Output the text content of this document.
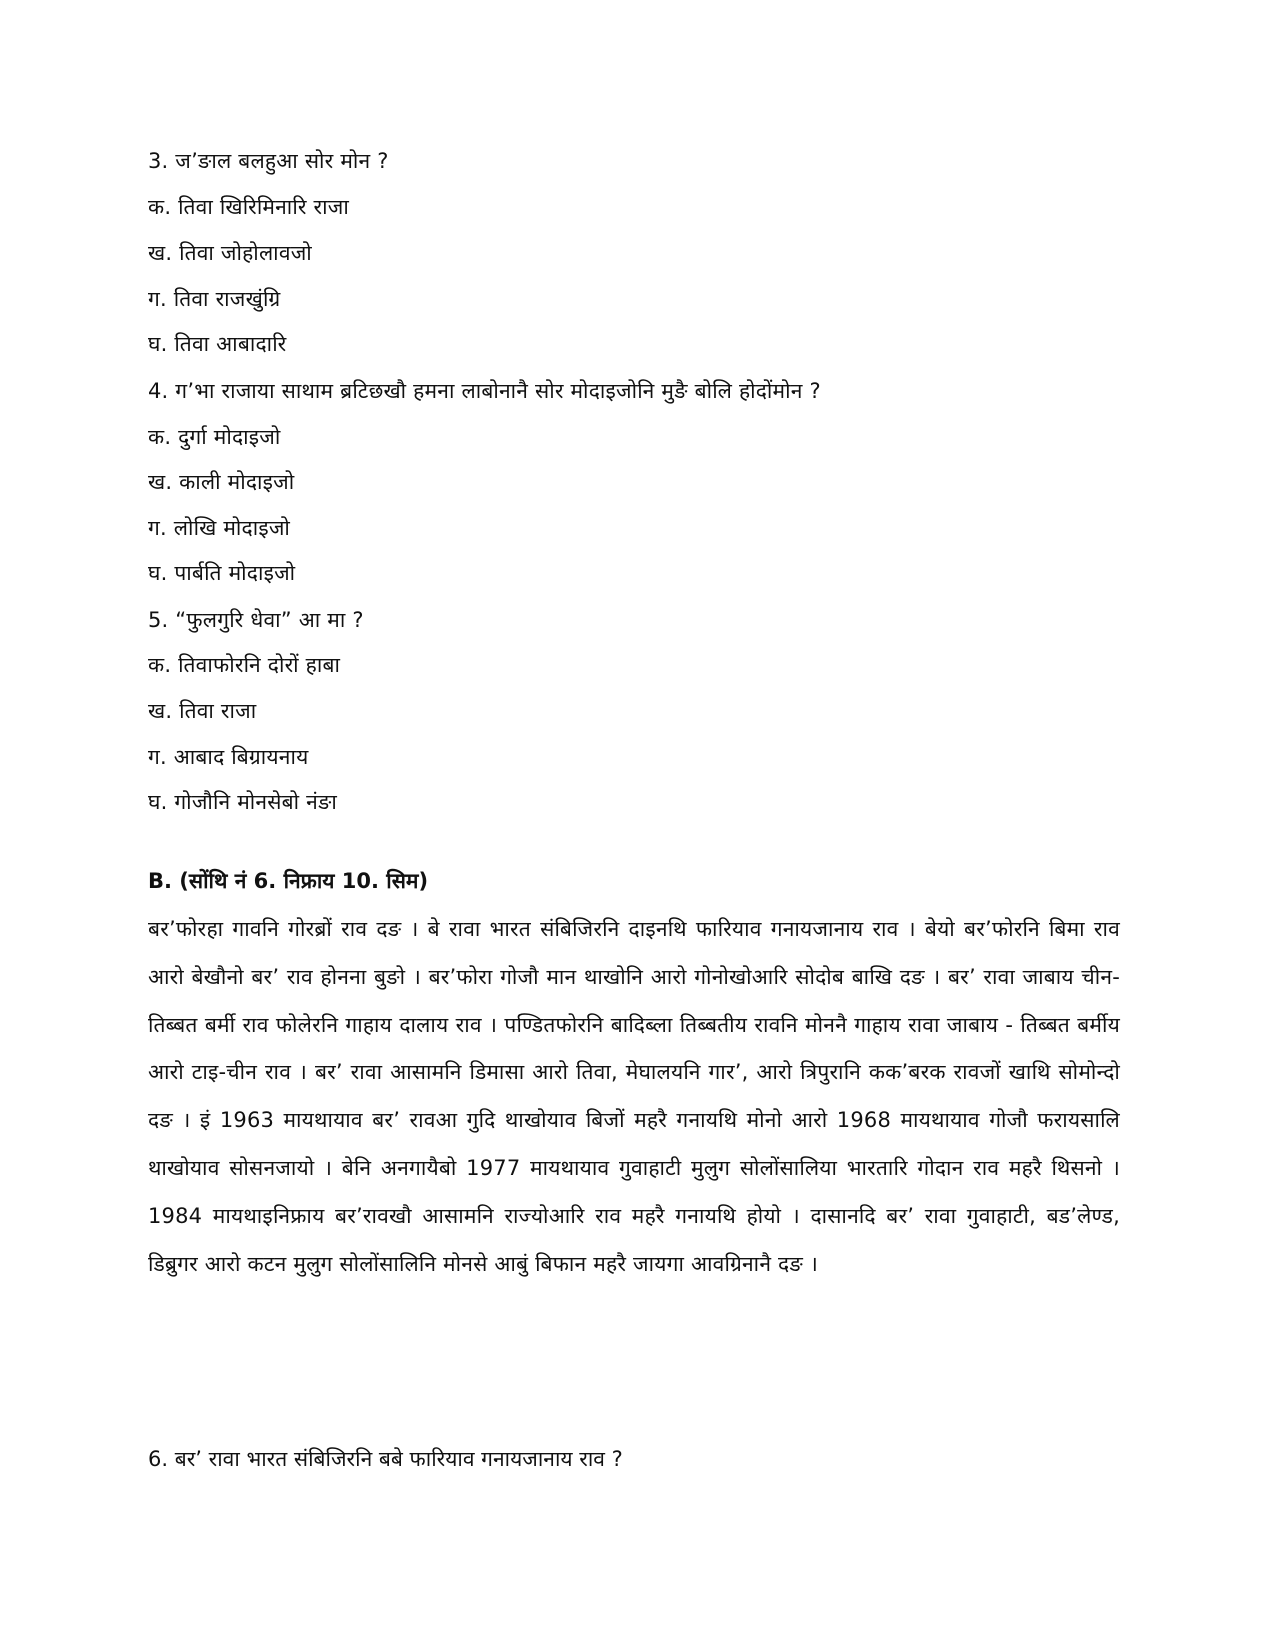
3. ज’ङाल बलहुआ सोर मोन ?
क. तिवा खिरिमिनारि राजा
ख. तिवा जोहोलावजो
ग. तिवा राजखुंग्रि
घ. तिवा आबादारि
4. ग’भा राजाया साथाम ब्रटिछखौ हमना लाबोनानै सोर मोदाइजोनि मुङै बोलि होदोंमोन ?
क. दुर्गा मोदाइजो
ख. काली मोदाइजो
ग. लोखि मोदाइजो
घ. पार्बति मोदाइजो
5. “फुलगुरि धेवा” आ मा ?
क. तिवाफोरनि दोरों हाबा
ख. तिवा राजा
ग. आबाद बिग्रायनाय
घ. गोजौनि मोनसेबो नंङा
B. (सोंथि नं 6. निफ्राय 10. सिम)
बर’फोरहा गावनि गोरब्रों राव दङ । बे रावा भारत संबिजिरनि दाइनथि फारियाव गनायजानाय राव । बेयो बर’फोरनि बिमा राव आरो बेखौनो बर’ राव होनना बुङो । बर’फोरा गोजौ मान थाखोनि आरो गोनोखोआरि सोदोब बाखि दङ । बर’ रावा जाबाय चीन-तिब्बत बर्मी राव फोलेरनि गाहाय दालाय राव । पण्डितफोरनि बादिब्ला तिब्बतीय रावनि मोननै गाहाय रावा जाबाय - तिब्बत बर्मीय आरो टाइ-चीन राव । बर’ रावा आसामनि डिमासा आरो तिवा, मेघालयनि गार’, आरो त्रिपुरानि कक’बरक रावजों खाथि सोमोन्दो दङ । इं 1963 मायथायाव बर’ रावआ गुदि थाखोयाव बिजों महरै गनायथि मोनो आरो 1968 मायथायाव गोजौ फरायसालि थाखोयाव सोसनजायो । बेनि अनगायैबो 1977 मायथायाव गुवाहाटी मुलुग सोलोंसालिया भारतारि गोदान राव महरै थिसनो । 1984 मायथाइनिफ्राय बर’रावखौ आसामनि राज्योआरि राव महरै गनायथि होयो । दासानदि बर’ रावा गुवाहाटी, बड’लेण्ड, डिब्रुगर आरो कटन मुलुग सोलोंसालिनि मोनसे आबुं बिफान महरै जायगा आवग्रिनानै दङ ।
6. बर’ रावा भारत संबिजिरनि बबे फारियाव गनायजानाय राव ?
